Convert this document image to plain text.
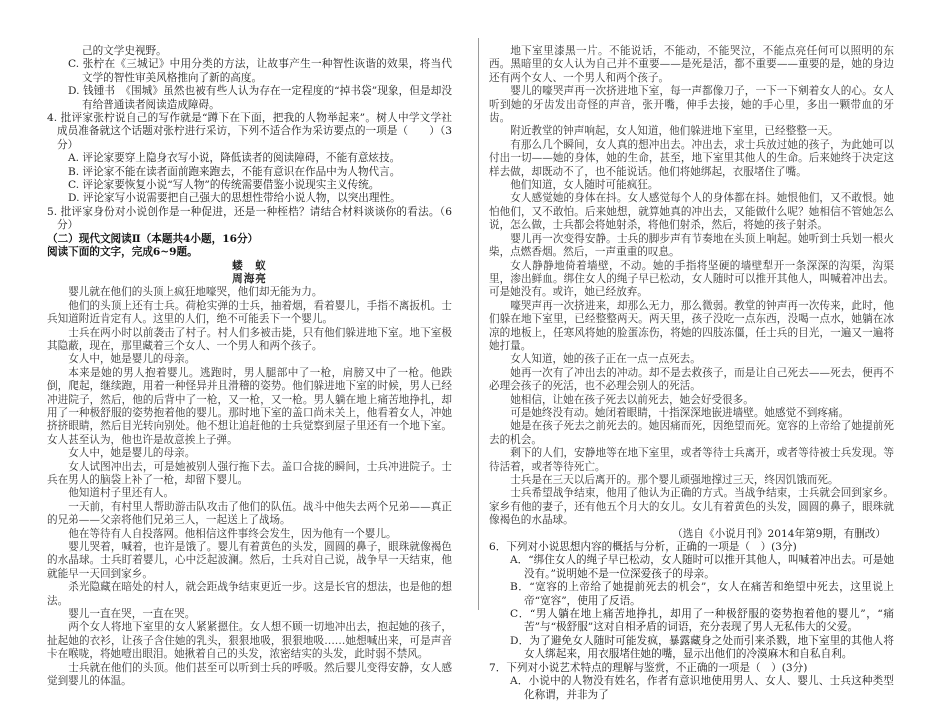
己的文学史视野。

C. 张柠在《三城记》中用分类的方法，让故事产生一种智性诙谐的效果，将当代文学的智性审美风格推向了新的高度。

D. 钱锺书　《围城》虽然也被有些人认为存在一定程度的“掉书袋”现象，但是却没有给普通读者阅读造成障碍。

4. 批评家张柠说自己的写作就是“蹲下在下面，把我的人物举起来”。树人中学文学社成员准备就这个话题对张柠进行采访，下列不适合作为采访要点的一项是（　　）（3分）

A. 评论家要穿上隐身衣写小说，降低读者的阅读障碍，不能有意炫技。

B. 评论家不能在读者面前跑来跑去，不能有意识在作品中为人物代言。

C. 评论家要恢复小说“写人物”的传统需要借鉴小说现实主义传统。

D. 评论家写小说需要把自己强大的思想性带给小说人物，以突出理性。

5. 批评家身份对小说创作是一种促进，还是一种桎梏？请结合材料谈谈你的看法。（6分）

（二）现代文阅读Ⅱ（本题共4小题，16分）

阅读下面的文字，完成6~9题。

蝼　蚁

周海亮

婴儿就在他们的头顶上疯狂地嚎哭，他们却无能为力。

他们的头顶上还有士兵。荷枪实弹的士兵，抽着烟，看着婴儿，手指不离扳机。士兵知道附近肯定有人。这里的人们，绝不可能丢下一个婴儿。

士兵在两小时以前袭击了村子。村人们多被击毙，只有他们躲进地下室。地下室极其隐蔽，现在，那里藏着三个女人、一个男人和两个孩子。

女人中，她是婴儿的母亲。

本来是她的男人抱着婴儿。逃跑时，男人腿部中了一枪，肩膀又中了一枪。他跌倒，爬起，继续跑，用着一种怪异并且滑稽的姿势。他们躲进地下室的时候，男人已经冲进院子，然后，他的后背中了一枪，又一枪，又一枪。男人躺在地上痛苦地挣扎，却用了一种极舒服的姿势抱着他的婴儿。那时地下室的盖口尚未关上，他看着女人，冲她挤挤眼睛，然后目光转向别处。他不想让追赶他的士兵觉察到屋子里还有一个地下室。女人甚至认为，他也许是故意挨上子弹。

女人中，她是婴儿的母亲。

女人试图冲出去，可是她被别人强行拖下去。盖口合拢的瞬间，士兵冲进院子。士兵在男人的脑袋上补了一枪，却留下婴儿。

他知道村子里还有人。

一天前，有村里人帮助游击队攻击了他们的队伍。战斗中他失去两个兄弟——真正的兄弟——父亲将他们兄弟三人，一起送上了战场。

他在等待有人自投落网。他相信这件事终会发生，因为他有一个婴儿。

婴儿哭着，喊着，也许是饿了。婴儿有着黄色的头发，圆圆的鼻子，眼珠就像褐色的水晶球。士兵盯着婴儿，心中泛起波澜。然后，士兵对自己说，战争早一天结束，他就能早一天回到家乡。

杀光隐藏在暗处的村人，就会距战争结束更近一步。这是长官的想法，也是他的想法。

婴儿一直在哭，一直在哭。

两个女人将地下室里的女人紧紧摁住。女人想不顾一切地冲出去，抱起她的孩子，扯起她的衣衫，让孩子含住她的乳头，狠狠地吸，狠狠地吸……她想喊出来，可是声音卡在喉咙，将她噎出眼泪。她揪着自己的头发，浓密结实的头发，此时弱不禁风。

士兵就在他们的头顶。他们甚至可以听到士兵的呼吸。然后婴儿变得安静，女人感觉到婴儿的体温。

地下室里漆黑一片。不能说话，不能动，不能哭泣，不能点亮任何可以照明的东西。黑暗里的女人认为自己并不重要——是死是活，都不重要——重要的是，她的身边还有两个女人、一个男人和两个孩子。

婴儿的嚎哭声再一次挤进地下室，每一声都像刀子，一下一下剜着女人的心。女人听到她的牙齿发出奇怪的声音，张开嘴，伸手去接，她的手心里，多出一颗带血的牙齿。

附近教堂的钟声响起，女人知道，他们躲进地下室里，已经整整一天。

有那么几个瞬间，女人真的想冲出去。冲出去，求士兵放过她的孩子，为此她可以付出一切——她的身体，她的生命，甚至，地下室里其他人的生命。后来她终于决定这样去做，却既动不了，也不能说话。他们将她绑起，衣服堵住了嘴。

他们知道，女人随时可能疯狂。

女人感觉她的身体在抖。女人感觉每个人的身体都在抖。她恨他们，又不敢恨。她怕他们，又不敢怕。后来她想，就算她真的冲出去，又能做什么呢？她相信不管她怎么说，怎么做，士兵都会将她射杀，将他们射杀，然后，将她的孩子射杀。

婴儿再一次变得安静。士兵的脚步声有节奏地在头顶上响起。她听到士兵划一根火柴，点燃香烟。然后，一声重重的叹息。

女人静静地倚着墙壁，不动。她的手指将坚硬的墙壁犁开一条深深的沟渠，沟渠里，渗出鲜血。绑住女人的绳子早已松动，女人随时可以推开其他人，叫喊着冲出去。可是她没有。或许，她已经放弃。

嚎哭声再一次挤进来，却那么无力，那么微弱。教堂的钟声再一次传来，此时，他们躲在地下室里，已经整整两天。两天里，孩子没吃一点东西，没喝一点水，她躺在冰凉的地板上，任寒风将她的脸蛋冻伤，将她的四肢冻僵，任士兵的目光，一遍又一遍将她打量。

女人知道，她的孩子正在一点一点死去。

她再一次有了冲出去的冲动。却不是去救孩子，而是让自己死去——死去，便再不必理会孩子的死活，也不必理会别人的死活。

她相信，让她在孩子死去以前死去，她会好受很多。

可是她终没有动。她闭着眼睛，十指深深地嵌进墙壁。她感觉不到疼痛。

她是在孩子死去之前死去的。她因痛而死，因绝望而死。宽容的上帝给了她提前死去的机会。

剩下的人们，安静地等在地下室里，或者等待士兵离开，或者等待被士兵发现。等待活着，或者等待死亡。

士兵是在三天以后离开的。那个婴儿顽强地撑过三天，终因饥饿而死。

士兵希望战争结束，他用了他认为正确的方式。当战争结束，士兵就会回到家乡。家乡有他的妻子，还有他五个月大的女儿。女儿有着黄色的头发，圆圆的鼻子，眼珠就像褐色的水晶球。

（选自《小说月刊》2014年第9期，有删改）

6．下列对小说思想内容的概括与分析，正确的一项是（　）(3分)

A．“绑住女人的绳子早已松动，女人随时可以推开其他人，叫喊着冲出去。可是她没有。”说明她不是一位深爱孩子的母亲。

B．“宽容的上帝给了她提前死去的机会”，女人在痛苦和绝望中死去，这里说上帝“宽容”，使用了反语。

C．“男人躺在地上痛苦地挣扎，却用了一种极舒服的姿势抱着他的婴儿”，“痛苦”与“极舒服”这对自相矛盾的词语，充分表现了男人无私伟大的父爱。

D．为了避免女人随时可能发疯，暴露藏身之处而引来杀戮，地下室里的其他人将女人绑起来，用衣服堵住她的嘴，显示出他们的冷漠麻木和自私自利。

7．下列对小说艺术特点的理解与鉴赏，不正确的一项是（　）(3分)

A．小说中的人物没有姓名，作者有意识地使用男人、女人、婴儿、士兵这种类型化称谓，并非为了
